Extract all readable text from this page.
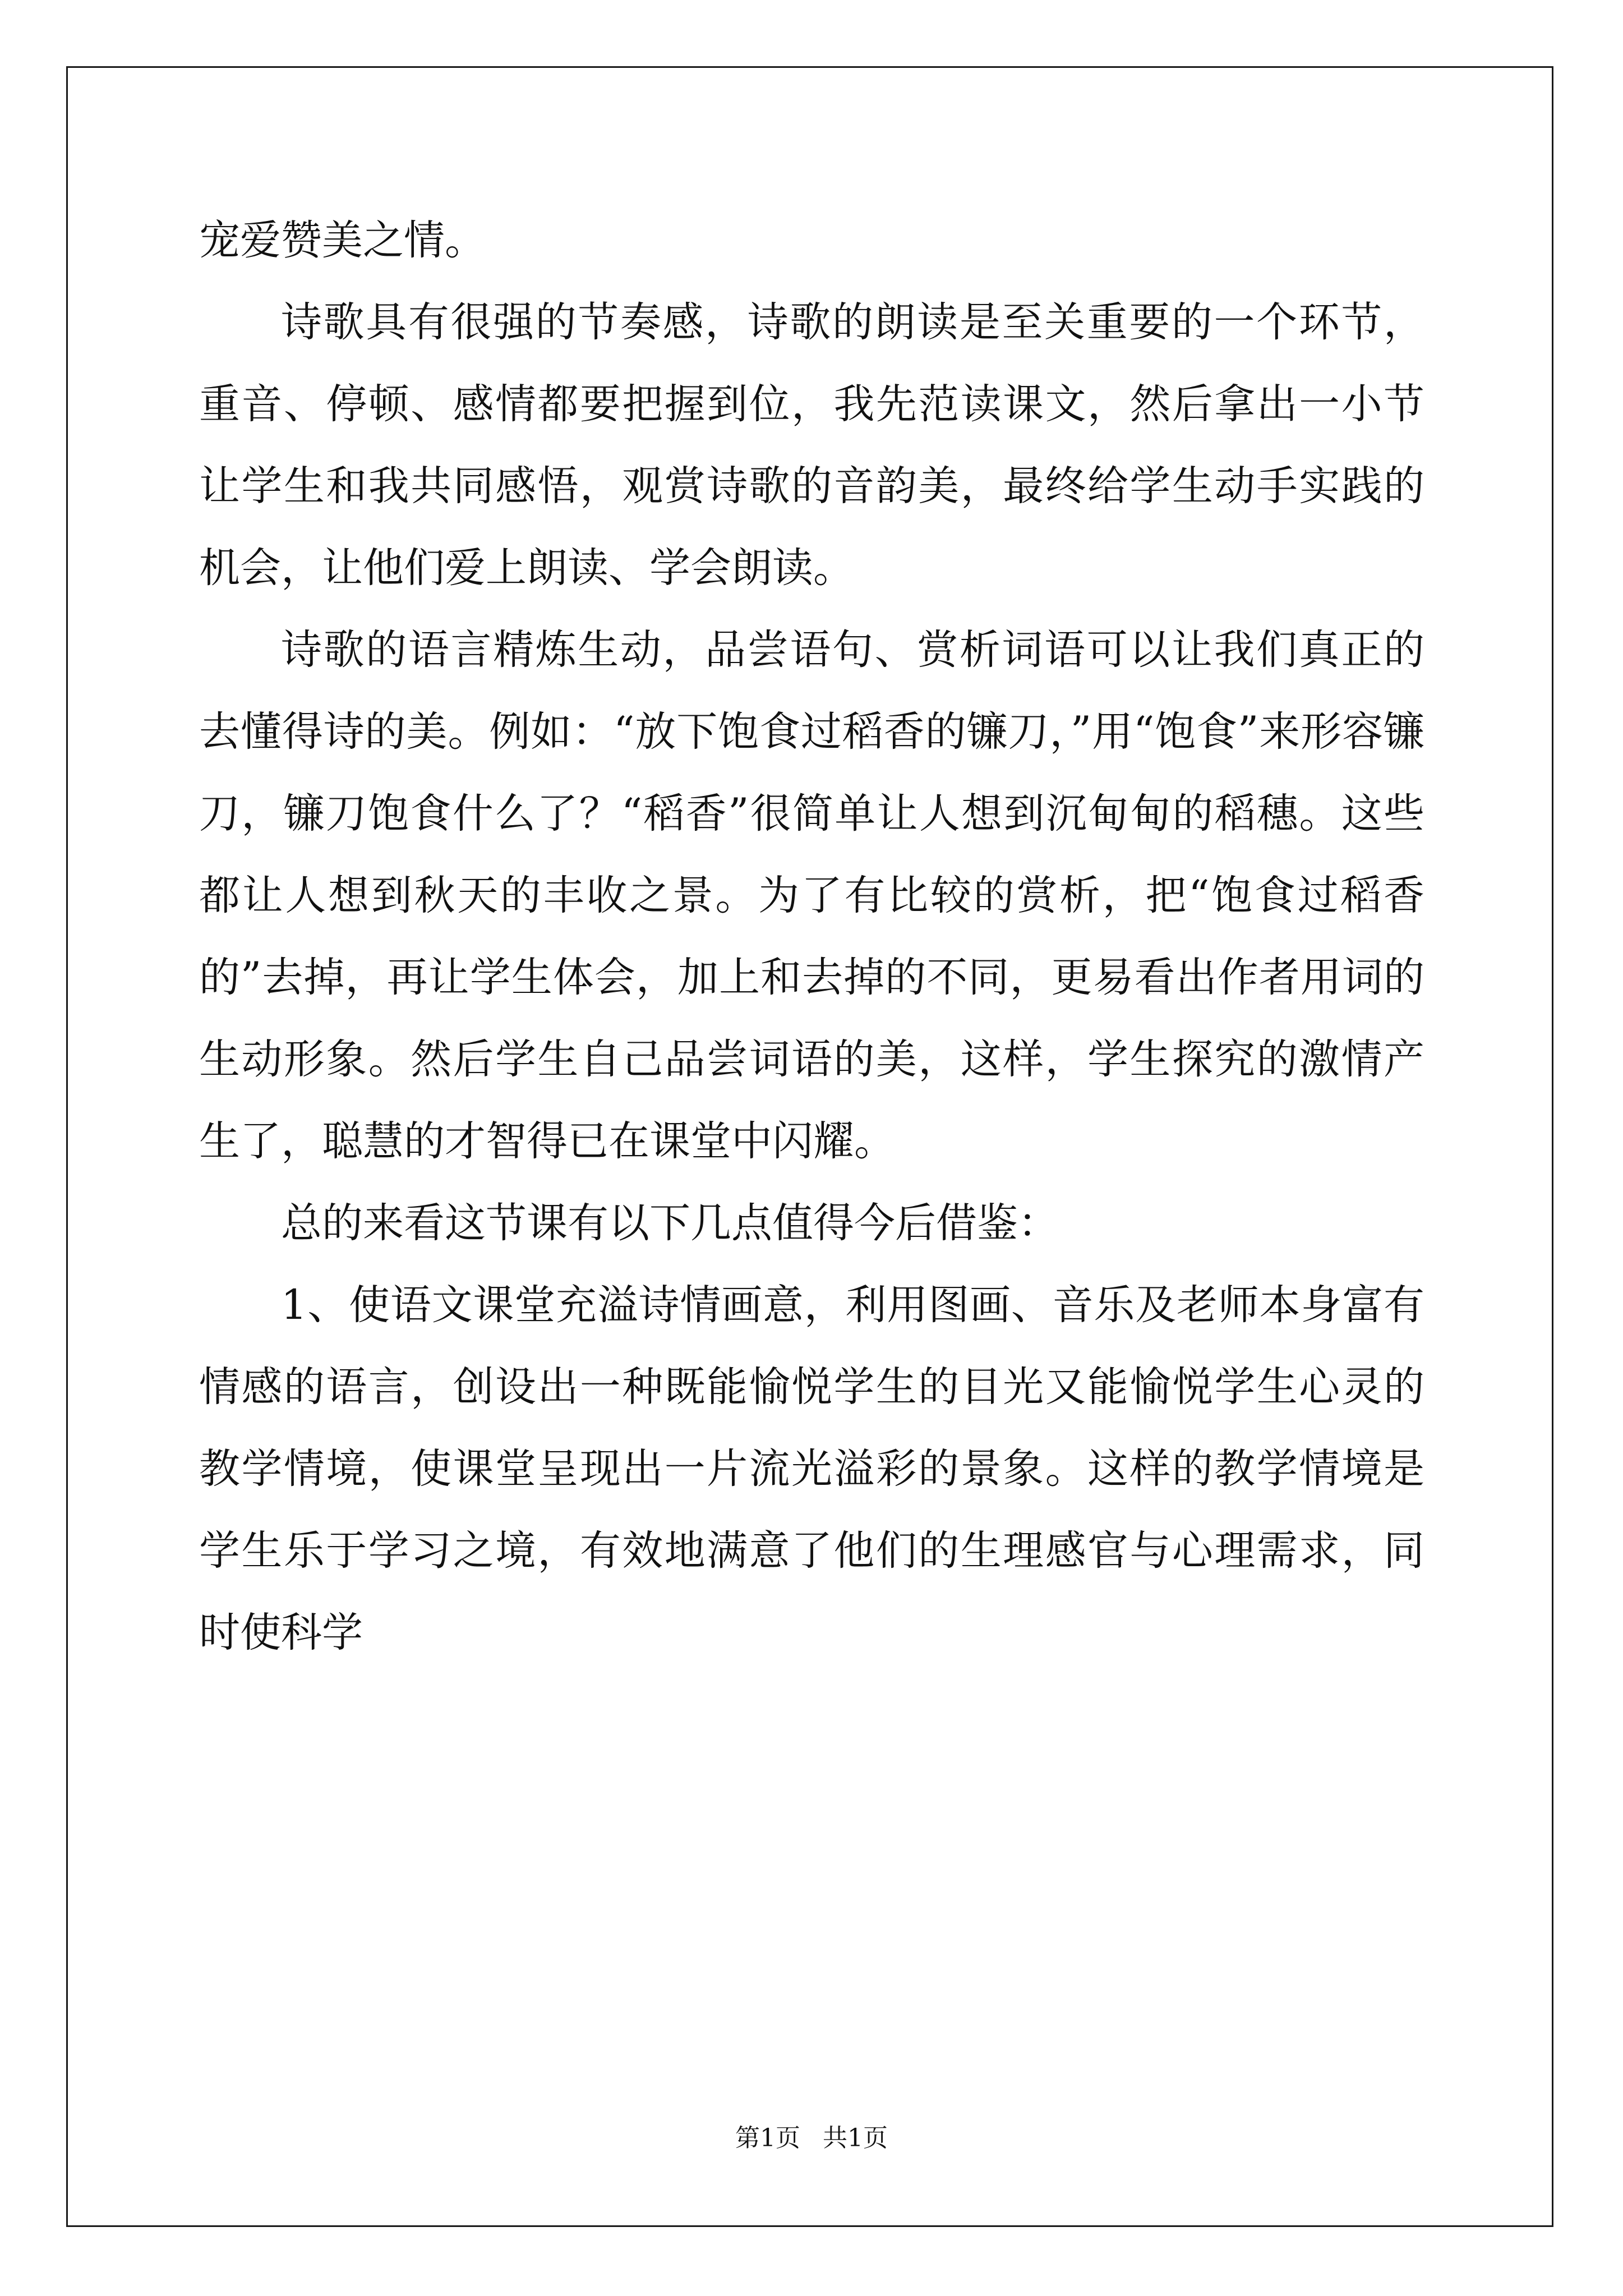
宠爱赞美之情。

诗歌具有很强的节奏感，诗歌的朗读是至关重要的一个环节，重音、停顿、感情都要把握到位，我先范读课文，然后拿出一小节让学生和我共同感悟，观赏诗歌的音韵美，最终给学生动手实践的机会，让他们爱上朗读、学会朗读。

诗歌的语言精炼生动，品尝语句、赏析词语可以让我们真正的去懂得诗的美。例如：“放下饱食过稻香的镰刀，”用“饱食”来形容镰刀，镰刀饱食什么了？“稻香”很简单让人想到沉甸甸的稻穗。这些都让人想到秋天的丰收之景。为了有比较的赏析，把“饱食过稻香的”去掉，再让学生体会，加上和去掉的不同，更易看出作者用词的生动形象。然后学生自己品尝词语的美，这样，学生探究的激情产生了，聪慧的才智得已在课堂中闪耀。

总的来看这节课有以下几点值得今后借鉴：

1、使语文课堂充溢诗情画意，利用图画、音乐及老师本身富有情感的语言，创设出一种既能愉悦学生的目光又能愉悦学生心灵的教学情境，使课堂呈现出一片流光溢彩的景象。这样的教学情境是学生乐于学习之境，有效地满意了他们的生理感官与心理需求，同时使科学

第1页 共1页
